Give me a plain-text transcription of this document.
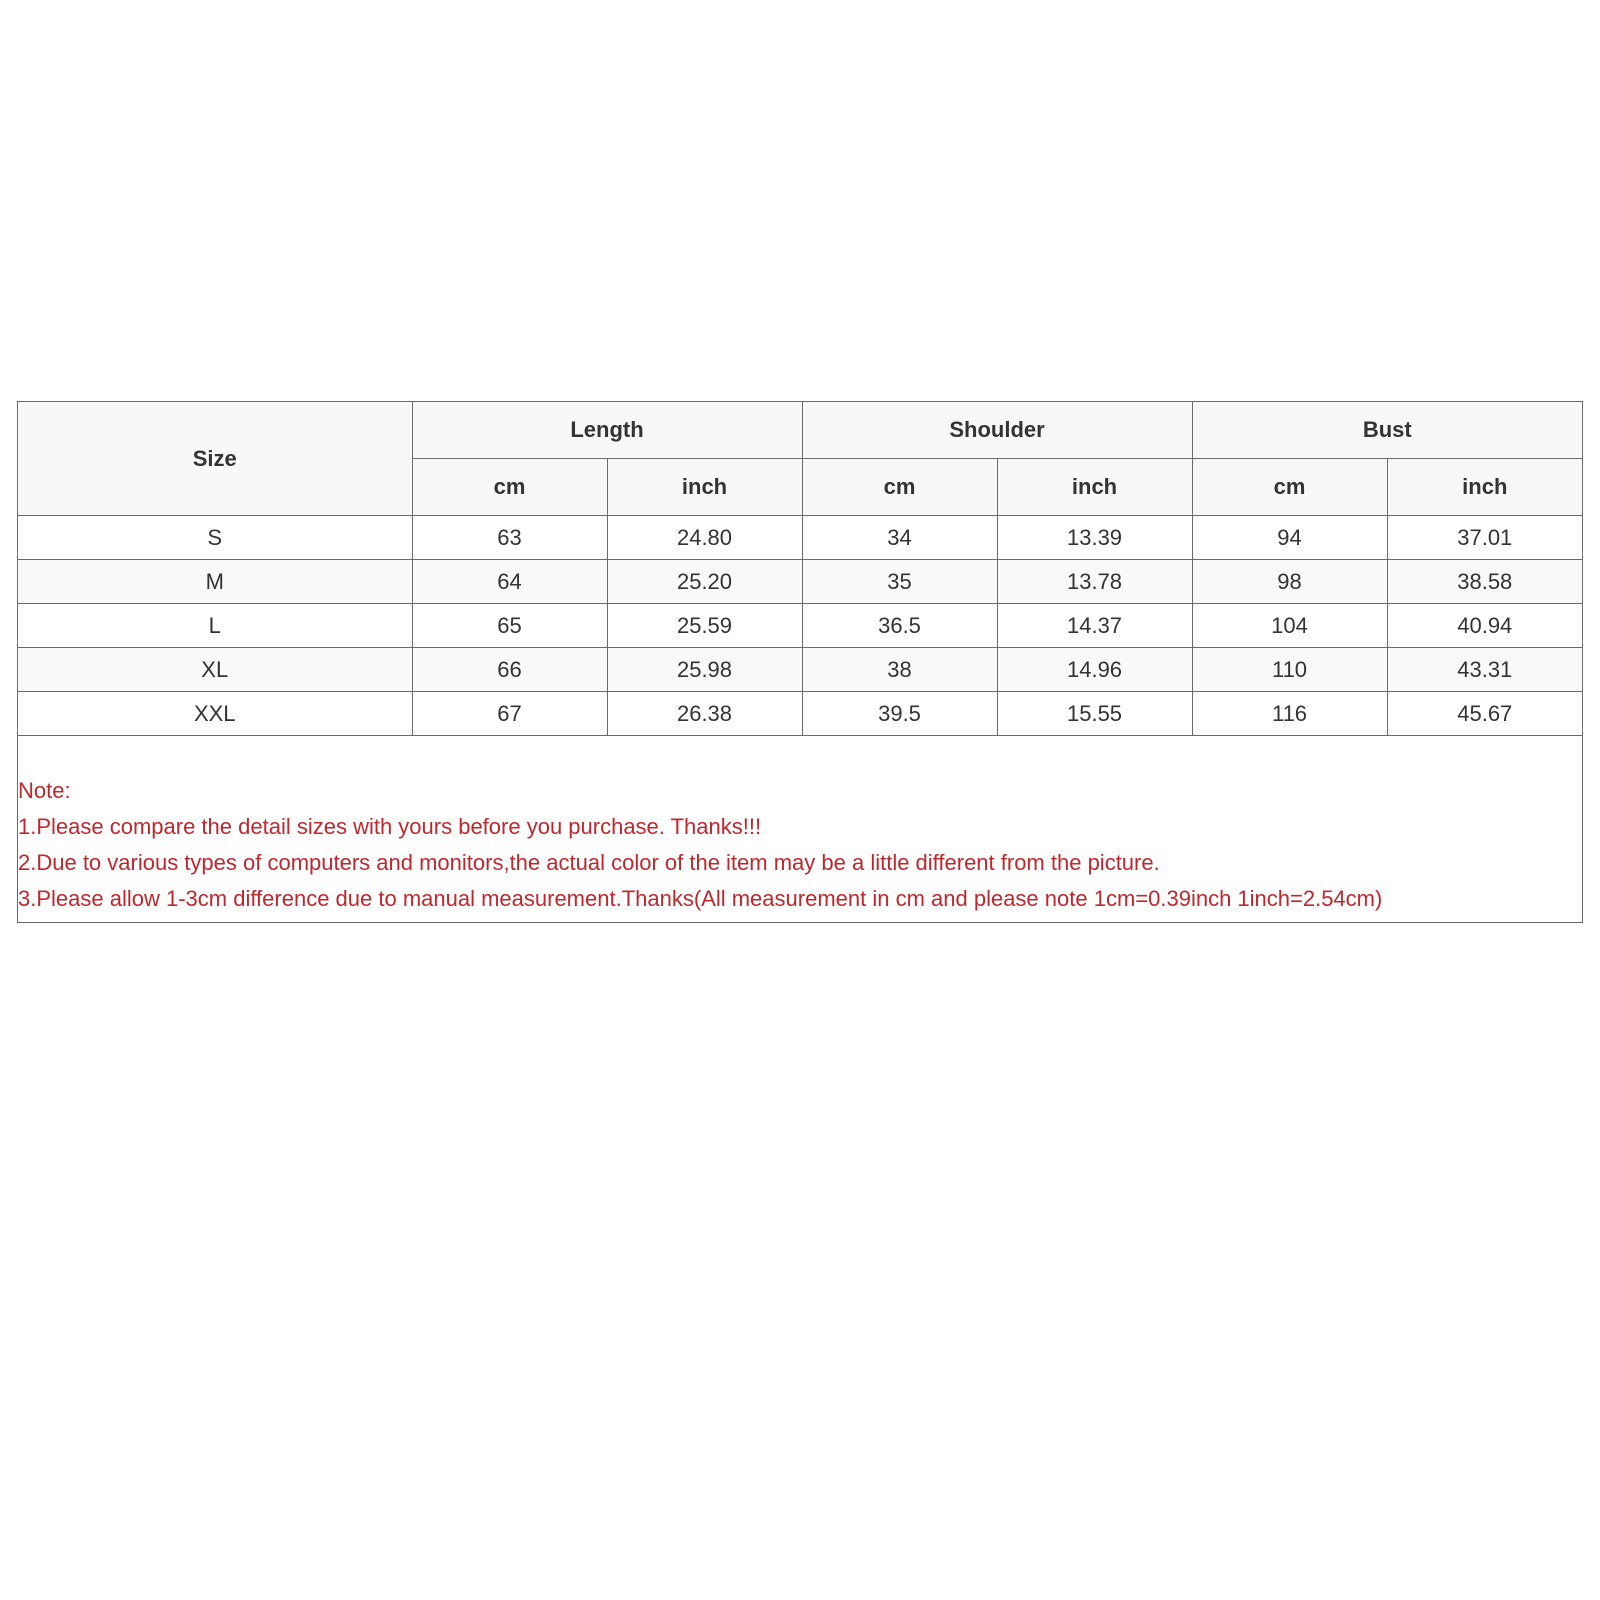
Size	Length		Shoulder		Bust	
	cm	inch	cm	inch	cm	inch
S	63	24.80	34	13.39	94	37.01
M	64	25.20	35	13.78	98	38.58
L	65	25.59	36.5	14.37	104	40.94
XL	66	25.98	38	14.96	110	43.31
XXL	67	26.38	39.5	15.55	116	45.67
Note:
1.Please compare the detail sizes with yours before you purchase. Thanks!!!
2.Due to various types of computers and monitors,the actual color of the item may be a little different from the picture.
3.Please allow 1-3cm difference due to manual measurement.Thanks(All measurement in cm and please note 1cm=0.39inch 1inch=2.54cm)
